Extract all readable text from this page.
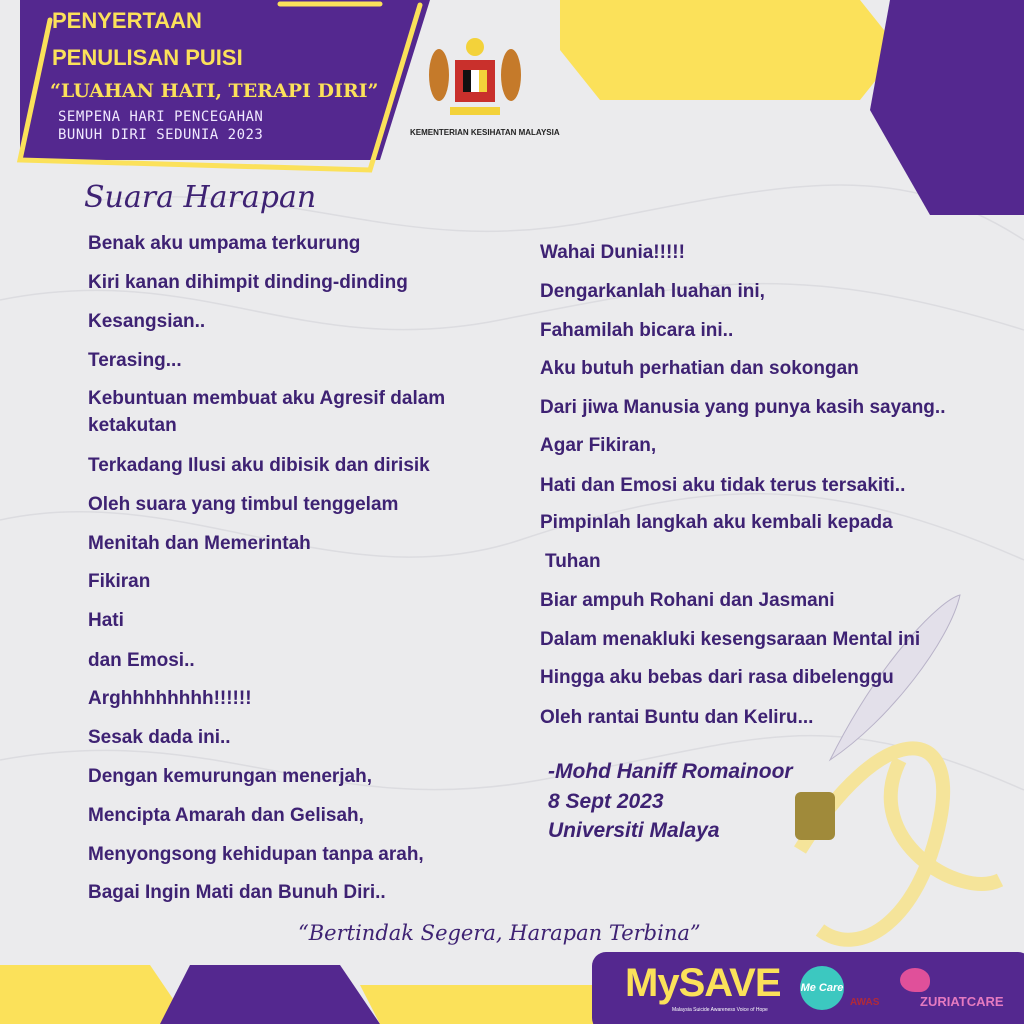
PENYERTAAN
PENULISAN PUISI
“LUAHAN HATI, TERAPI DIRI”
SEMPENA HARI PENCEGAHAN
BUNUH DIRI SEDUNIA 2023	KEMENTERIAN KESIHATAN MALAYSIA
Suara Harapan
Benak aku umpama terkurung
Kiri kanan dihimpit dinding-dinding
Kesangsian..
Terasing...
Kebuntuan membuat aku Agresif dalam
ketakutan
Terkadang Ilusi aku dibisik dan dirisik
Oleh suara yang timbul tenggelam
Menitah dan Memerintah
Fikiran
Hati
dan Emosi..
Arghhhhhhhh!!!!!!
Sesak dada ini..
Dengan kemurungan menerjah,
Mencipta Amarah dan Gelisah,
Menyongsong kehidupan tanpa arah,
Bagai Ingin Mati dan Bunuh Diri..
Wahai Dunia!!!!!
Dengarkanlah luahan ini,
Fahamilah bicara ini..
Aku butuh perhatian dan sokongan
Dari jiwa Manusia yang punya kasih sayang..
Agar Fikiran,
Hati dan Emosi aku tidak terus tersakiti..
Pimpinlah langkah aku kembali kepada
Tuhan
Biar ampuh Rohani dan Jasmani
Dalam menakluki kesengsaraan Mental ini
Hingga aku bebas dari rasa dibelenggu
Oleh rantai Buntu dan Keliru...
-Mohd Haniff Romainoor
8 Sept 2023
Universiti Malaya
“Bertindak Segera, Harapan Terbina”
MySAVE
Malaysia Suicide Awareness Voice of Hope
Me Care
AWAS	ZURIATCARE
